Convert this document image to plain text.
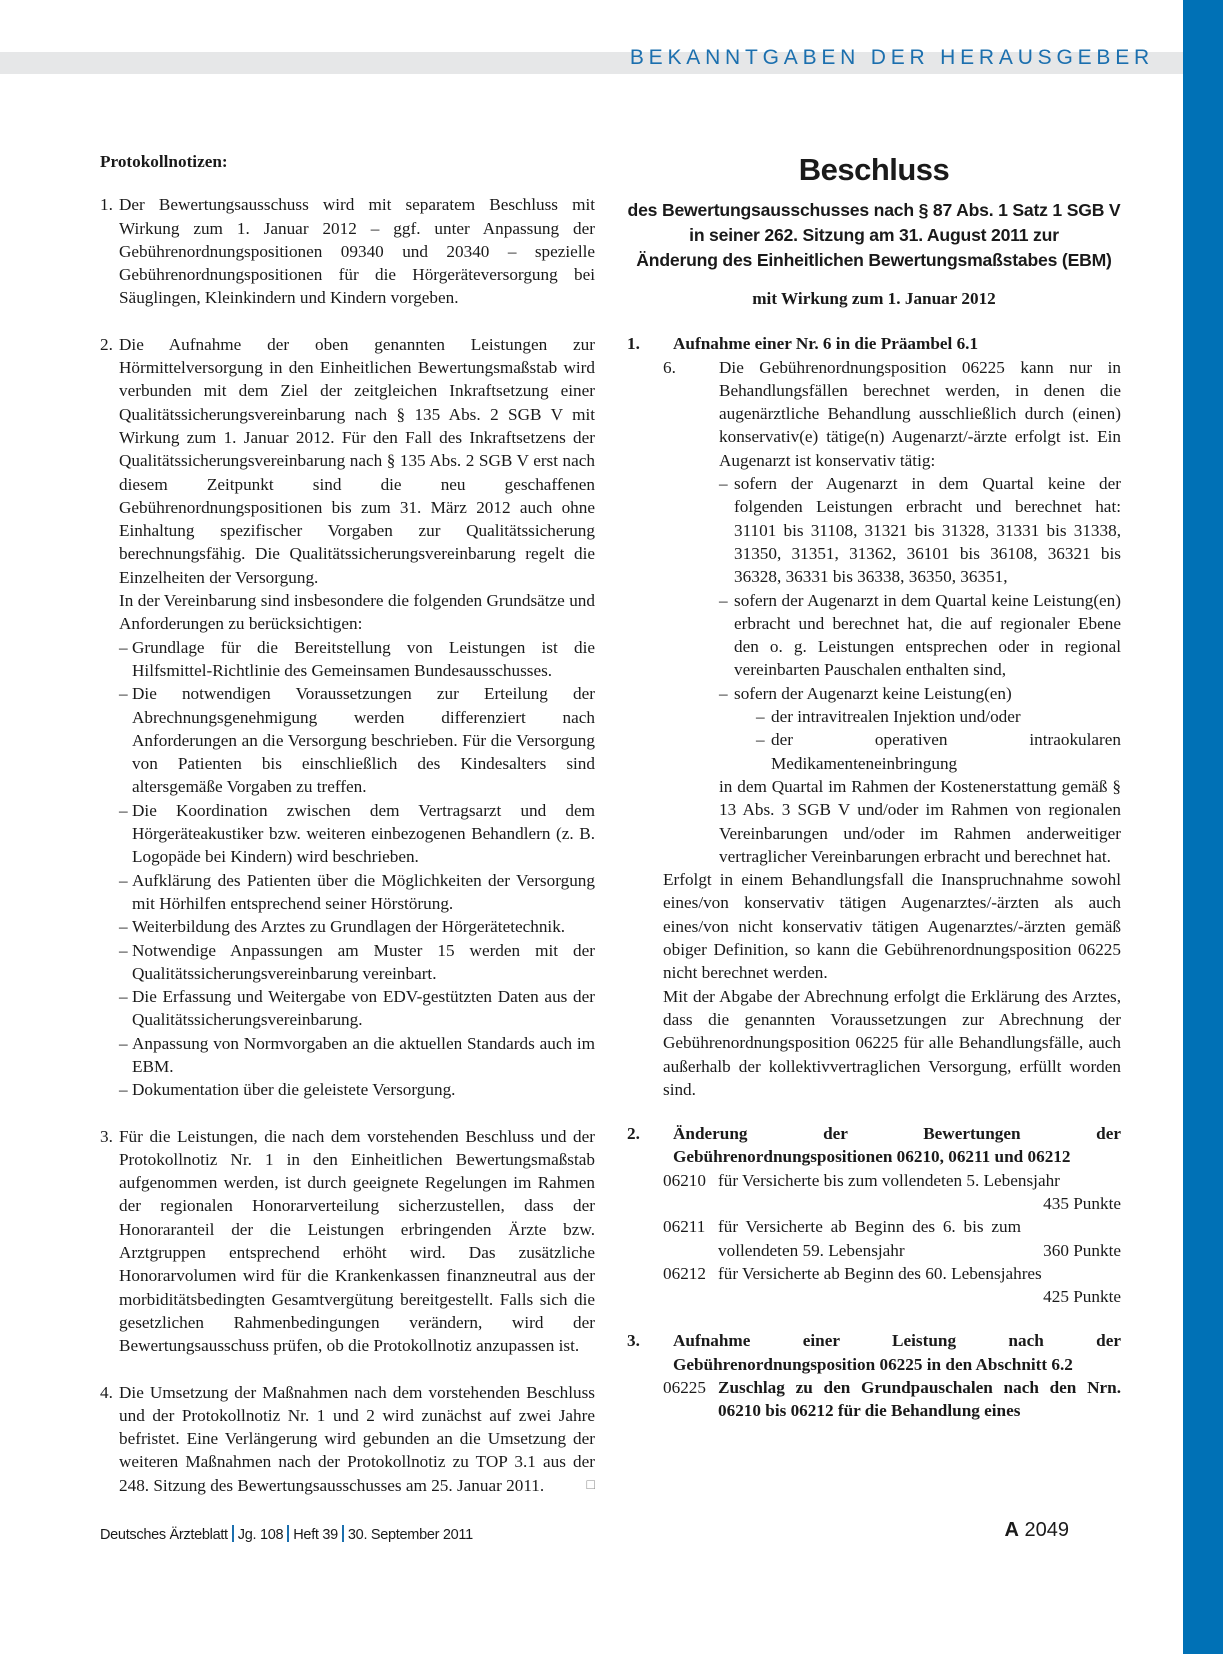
BEKANNTGABEN DER HERAUSGEBER
Protokollnotizen:
1. Der Bewertungsausschuss wird mit separatem Beschluss mit Wirkung zum 1. Januar 2012 – ggf. unter Anpassung der Gebührenordnungspositionen 09340 und 20340 – spezielle Gebührenordnungspositionen für die Hörgeräteversorgung bei Säuglingen, Kleinkindern und Kindern vorgeben.

2. Die Aufnahme der oben genannten Leistungen zur Hörmittelversorgung in den Einheitlichen Bewertungsmaßstab wird verbunden mit dem Ziel der zeitgleichen Inkraftsetzung einer Qualitätssicherungsvereinbarung nach § 135 Abs. 2 SGB V mit Wirkung zum 1. Januar 2012. Für den Fall des Inkraftsetzens der Qualitätssicherungsvereinbarung nach § 135 Abs. 2 SGB V erst nach diesem Zeitpunkt sind die neu geschaffenen Gebührenordnungspositionen bis zum 31. März 2012 auch ohne Einhaltung spezifischer Vorgaben zur Qualitätssicherung berechnungsfähig. Die Qualitätssicherungsvereinbarung regelt die Einzelheiten der Versorgung.

In der Vereinbarung sind insbesondere die folgenden Grundsätze und Anforderungen zu berücksichtigen:

– Grundlage für die Bereitstellung von Leistungen ist die Hilfsmittel-Richtlinie des Gemeinsamen Bundesausschusses.
– Die notwendigen Voraussetzungen zur Erteilung der Abrechnungsgenehmigung werden differenziert nach Anforderungen an die Versorgung beschrieben. Für die Versorgung von Patienten bis einschließlich des Kindesalters sind altersgemäße Vorgaben zu treffen.
– Die Koordination zwischen dem Vertragsarzt und dem Hörgeräteakustiker bzw. weiteren einbezogenen Behandlern (z. B. Logopäde bei Kindern) wird beschrieben.
– Aufklärung des Patienten über die Möglichkeiten der Versorgung mit Hörhilfen entsprechend seiner Hörstörung.
– Weiterbildung des Arztes zu Grundlagen der Hörgerätetechnik.
– Notwendige Anpassungen am Muster 15 werden mit der Qualitätssicherungsvereinbarung vereinbart.
– Die Erfassung und Weitergabe von EDV-gestützten Daten aus der Qualitätssicherungsvereinbarung.
– Anpassung von Normvorgaben an die aktuellen Standards auch im EBM.
– Dokumentation über die geleistete Versorgung.
3. Für die Leistungen, die nach dem vorstehenden Beschluss und der Protokollnotiz Nr. 1 in den Einheitlichen Bewertungsmaßstab aufgenommen werden, ist durch geeignete Regelungen im Rahmen der regionalen Honorarverteilung sicherzustellen, dass der Honoraranteil der die Leistungen erbringenden Ärzte bzw. Arztgruppen entsprechend erhöht wird. Das zusätzliche Honorarvolumen wird für die Krankenkassen finanzneutral aus der morbiditätsbedingten Gesamtvergütung bereitgestellt. Falls sich die gesetzlichen Rahmenbedingungen verändern, wird der Bewertungsausschuss prüfen, ob die Protokollnotiz anzupassen ist.

4. Die Umsetzung der Maßnahmen nach dem vorstehenden Beschluss und der Protokollnotiz Nr. 1 und 2 wird zunächst auf zwei Jahre befristet. Eine Verlängerung wird gebunden an die Umsetzung der weiteren Maßnahmen nach der Protokollnotiz zu TOP 3.1 aus der 248. Sitzung des Bewertungsausschusses am 25. Januar 2011.	□

Beschluss

des Bewertungsausschusses nach § 87 Abs. 1 Satz 1 SGB V

in seiner 262. Sitzung am 31. August 2011 zur

Änderung des Einheitlichen Bewertungsmaßstabes (EBM)

mit Wirkung zum 1. Januar 2012
1. Aufnahme einer Nr. 6 in die Präambel 6.1

6.	Die Gebührenordnungsposition 06225 kann nur in Behandlungsfällen berechnet werden, in denen die augenärztliche Behandlung ausschließlich durch (einen) konservativ(e) tätige(n) Augenarzt/-ärzte erfolgt ist. Ein Augenarzt ist konservativ tätig:

– sofern der Augenarzt in dem Quartal keine der folgenden Leistungen erbracht und berechnet hat: 31101 bis 31108, 31321 bis 31328, 31331 bis 31338, 31350, 31351, 31362, 36101 bis 36108, 36321 bis 36328, 36331 bis 36338, 36350, 36351,
– sofern der Augenarzt in dem Quartal keine Leistung(en) erbracht und berechnet hat, die auf regionaler Ebene den o. g. Leistungen entsprechen oder in regional vereinbarten Pauschalen enthalten sind,
– sofern der Augenarzt keine Leistung(en)
– der intravitrealen Injektion und/oder
– der operativen intraokularen Medikamenteneinbringung

in dem Quartal im Rahmen der Kostenerstattung gemäß § 13 Abs. 3 SGB V und/oder im Rahmen von regionalen Vereinbarungen und/oder im Rahmen anderweitiger vertraglicher Vereinbarungen erbracht und berechnet hat.

Erfolgt in einem Behandlungsfall die Inanspruchnahme sowohl eines/von konservativ tätigen Augenarztes/-ärzten als auch eines/von nicht konservativ tätigen Augenarztes/-ärzten gemäß obiger Definition, so kann die Gebührenordnungsposition 06225 nicht berechnet werden.

Mit der Abgabe der Abrechnung erfolgt die Erklärung des Arztes, dass die genannten Voraussetzungen zur Abrechnung der Gebührenordnungsposition 06225 für alle Behandlungsfälle, auch außerhalb der kollektivvertraglichen Versorgung, erfüllt worden sind.

2. Änderung der Bewertungen der Gebührenordnungspositionen 06210, 06211 und 06212

06210 für Versicherte bis zum vollendeten 5. Lebensjahr
435 Punkte
06211 für Versicherte ab Beginn des 6. bis zum vollendeten 59. Lebensjahr	360 Punkte
06212 für Versicherte ab Beginn des 60. Lebensjahres
425 Punkte
3. Aufnahme einer Leistung nach der Gebührenordnungsposition 06225 in den Abschnitt 6.2

06225 Zuschlag zu den Grundpauschalen nach den Nrn. 06210 bis 06212 für die Behandlung eines
Deutsches Ärzteblatt Jg. 108 Heft 39 30. September 2011	A 2049
